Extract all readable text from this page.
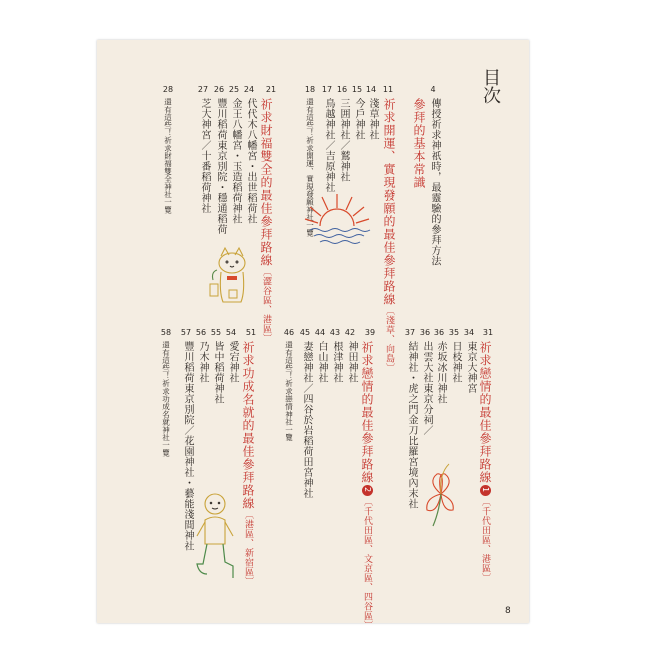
目次
4
傳授祈求神祇時，最靈驗的參拜方法
參拜的基本常識
11
祈求開運、實現發願的最佳參拜路線〔淺草、向島〕
14
淺草神社
15
今戶神社
16
三囲神社／鷲神社
17
鳥越神社／吉原神社
18
還有這些！祈求開運、實現發願神社一覽
21
祈求財福雙全的最佳參拜路線〔澀谷區、港區〕
24
代代木八幡宮・出世稻荷社
25
金王八幡宮・玉造稻荷神社
26
豐川稻荷東京別院・穩通稻荷
27
芝大神宮／十番稻荷神社
28
還有這些！祈求財福雙全神社一覽
31
祈求戀情的最佳參拜路線1〔千代田區、港區〕
34
東京大神宮
35
日枝神社
36
赤坂冰川神社
36
出雲大社東京分祠／
37
結神社・虎之門金刀比羅宮境內末社
39
祈求戀情的最佳參拜路線2〔千代田區、文京區、四谷區〕
42
神田神社
43
根津神社
44
白山神社
45
妻戀神社／四谷於岩稻荷田宮神社
46
還有這些！祈求戀情神社一覽
51
祈求功成名就的最佳參拜路線〔港區、新宿區〕
54
愛宕神社
55
皆中稻荷神社
56
乃木神社
57
豐川稻荷東京別院／花園神社・藝能淺間神社
58
還有這些！祈求功成名就神社一覽
8
